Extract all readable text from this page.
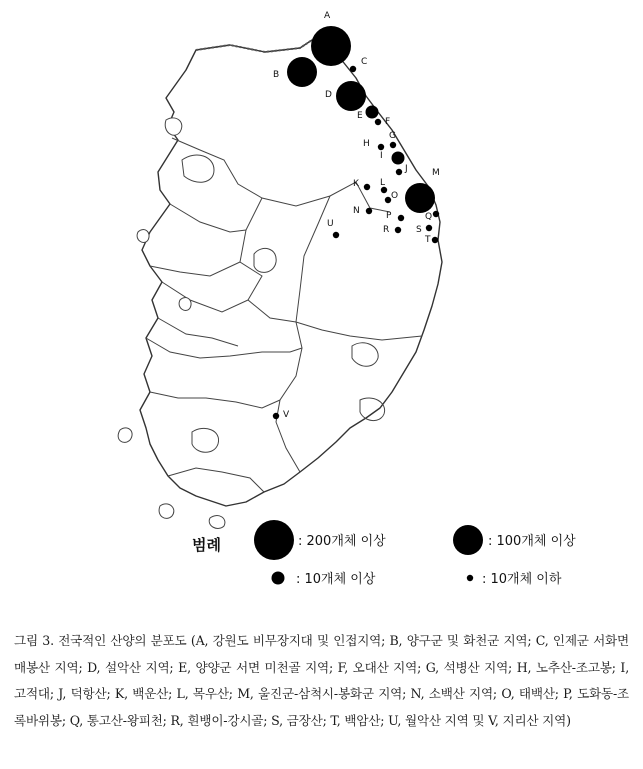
A
B
C
D
E
F
G
H
I
J
K L
M
N
O
P	Q
R	S
T
U
V
범례	: 200개체 이상	: 100개체 이상
: 10개체 이상	: 10개체 이하
그림 3. 전국적인 산양의 분포도 (A, 강원도 비무장지대 및 인접지역; B, 양구군 및 화천군 지역; C, 인제군 서화면 매봉산 지역; D, 설악산 지역; E, 양양군 서면 미천골 지역; F, 오대산 지역; G, 석병산 지역; H, 노추산-조고봉; I, 고적대; J, 덕항산; K, 백운산; L, 목우산; M, 울진군-삼척시-봉화군 지역; N, 소백산 지역; O, 태백산; P, 도화동-조록바위봉; Q, 통고산-왕피천; R, 흰뱅이-강시골; S, 금장산; T, 백암산; U, 월악산 지역 및 V, 지리산 지역)
